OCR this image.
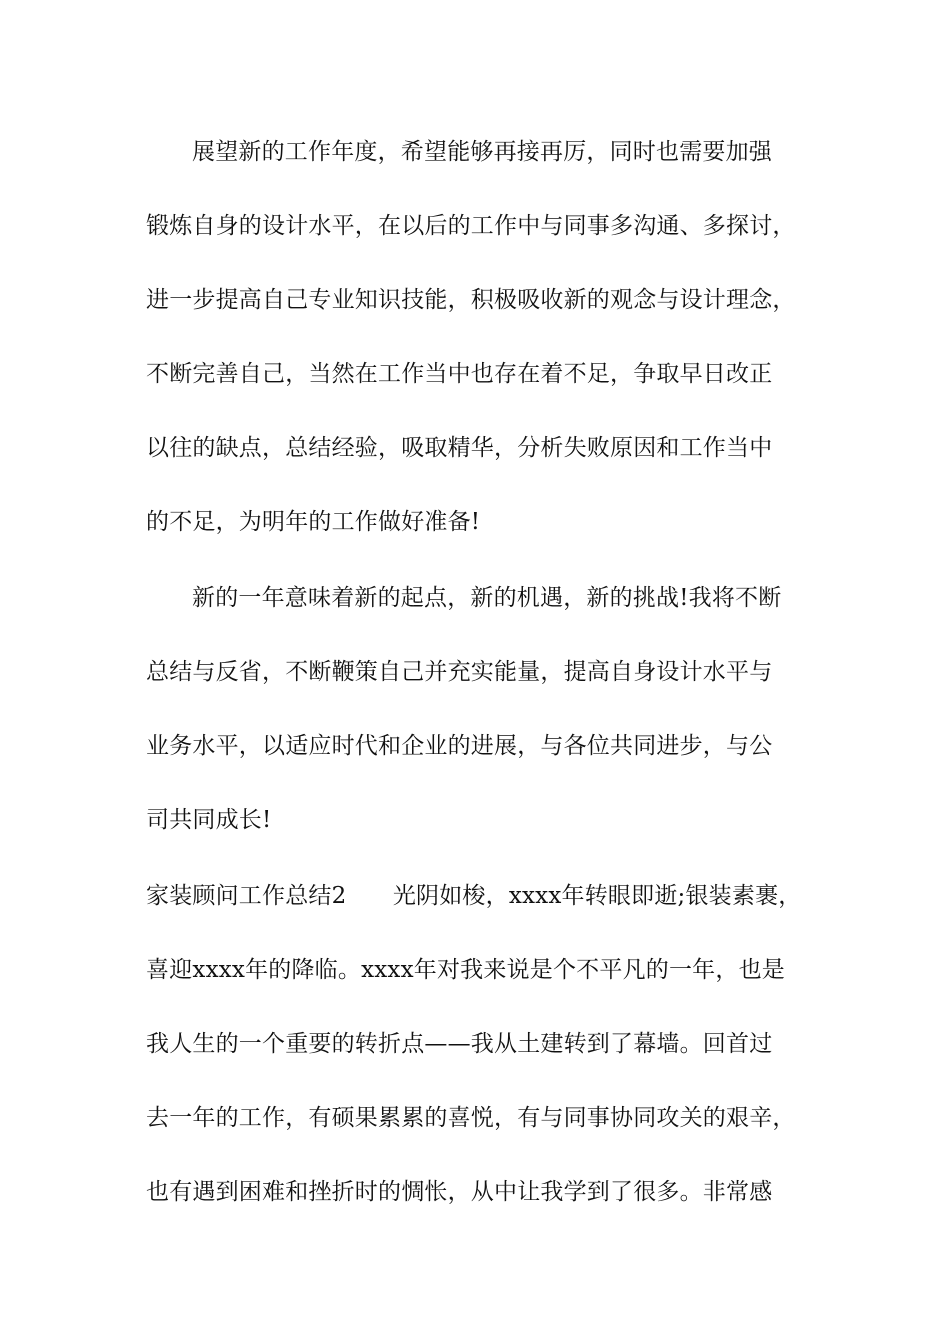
展望新的工作年度，希望能够再接再厉，同时也需要加强
锻炼自身的设计水平，在以后的工作中与同事多沟通、多探讨，
进一步提高自己专业知识技能，积极吸收新的观念与设计理念，
不断完善自己，当然在工作当中也存在着不足，争取早日改正
以往的缺点，总结经验，吸取精华，分析失败原因和工作当中
的不足，为明年的工作做好准备!
新的一年意味着新的起点，新的机遇，新的挑战!我将不断
总结与反省，不断鞭策自己并充实能量，提高自身设计水平与
业务水平，以适应时代和企业的进展，与各位共同进步，与公
司共同成长!
家装顾问工作总结2　　光阴如梭，xxxx年转眼即逝;银装素裹，
喜迎xxxx年的降临。xxxx年对我来说是个不平凡的一年，也是
我人生的一个重要的转折点——我从土建转到了幕墙。回首过
去一年的工作，有硕果累累的喜悦，有与同事协同攻关的艰辛，
也有遇到困难和挫折时的惆怅，从中让我学到了很多。非常感
